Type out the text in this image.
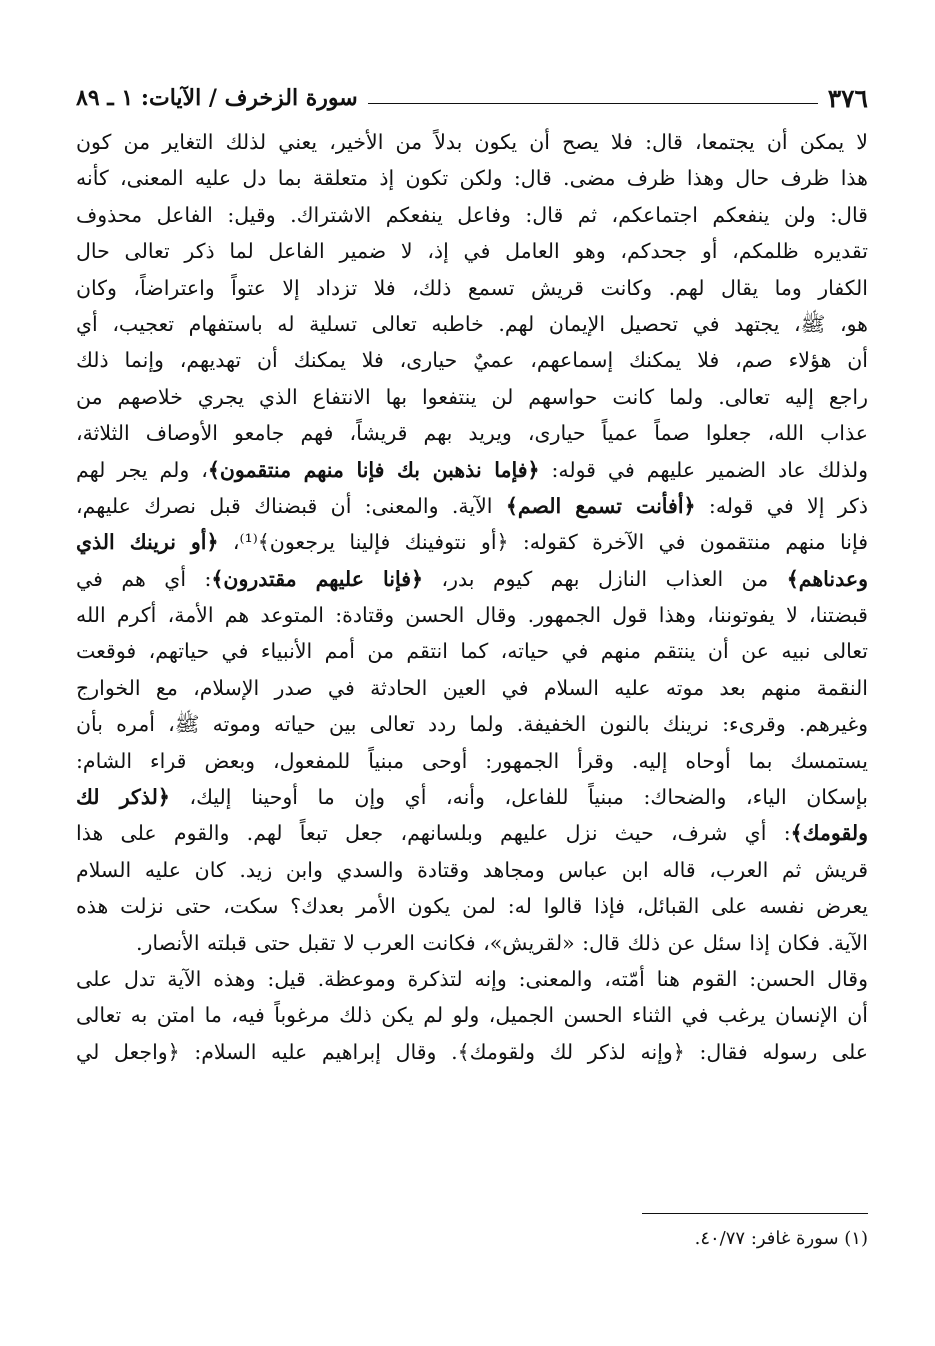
٣٧٦
سورة الزخرف / الآيات: ١ ـ ٨٩
لا يمكن أن يجتمعا، قال: فلا يصح أن يكون بدلاً من الأخير، يعني لذلك التغاير من كون
هذا ظرف حال وهذا ظرف مضى. قال: ولكن تكون إذ متعلقة بما دل عليه المعنى، كأنه
قال: ولن ينفعكم اجتماعكم، ثم قال: وفاعل ينفعكم الاشتراك. وقيل: الفاعل محذوف
تقديره ظلمكم، أو جحدكم، وهو العامل في إذ، لا ضمير الفاعل لما ذكر تعالى حال
الكفار وما يقال لهم. وكانت قريش تسمع ذلك، فلا تزداد إلا عتواً واعتراضاً، وكان
هو، ﷺ، يجتهد في تحصيل الإيمان لهم. خاطبه تعالى تسلية له باستفهام تعجيب، أي
أن هؤلاء صم، فلا يمكنك إسماعهم، عميٌ حيارى، فلا يمكنك أن تهديهم، وإنما ذلك
راجع إليه تعالى. ولما كانت حواسهم لن ينتفعوا بها الانتفاع الذي يجري خلاصهم من
عذاب الله، جعلوا صماً عمياً حيارى، ويريد بهم قريشاً، فهم جامعو الأوصاف الثلاثة،
ولذلك عاد الضمير عليهم في قوله: ﴿فإما نذهبن بك فإنا منهم منتقمون﴾، ولم يجر لهم
ذكر إلا في قوله: ﴿أفأنت تسمع الصم﴾ الآية. والمعنى: أن قبضناك قبل نصرك عليهم،
فإنا منهم منتقمون في الآخرة كقوله: ﴿أو نتوفينك فإلينا يرجعون﴾⁽¹⁾، ﴿أو نرينك الذي
وعدناهم﴾ من العذاب النازل بهم كيوم بدر، ﴿فإنا عليهم مقتدرون﴾: أي هم في
قبضتنا، لا يفوتوننا، وهذا قول الجمهور. وقال الحسن وقتادة: المتوعد هم الأمة، أكرم الله
تعالى نبيه عن أن ينتقم منهم في حياته، كما انتقم من أمم الأنبياء في حياتهم، فوقعت
النقمة منهم بعد موته عليه السلام في العين الحادثة في صدر الإسلام، مع الخوارج
وغيرهم. وقرىء: نرينك بالنون الخفيفة. ولما ردد تعالى بين حياته وموته ﷺ، أمره بأن
يستمسك بما أوحاه إليه. وقرأ الجمهور: أوحى مبنياً للمفعول، وبعض قراء الشام:
بإسكان الياء، والضحاك: مبنياً للفاعل، وأنه، أي وإن ما أوحينا إليك، ﴿لذكر لك
ولقومك﴾: أي شرف، حيث نزل عليهم وبلسانهم، جعل تبعاً لهم. والقوم على هذا
قريش ثم العرب، قاله ابن عباس ومجاهد وقتادة والسدي وابن زيد. كان عليه السلام
يعرض نفسه على القبائل، فإذا قالوا له: لمن يكون الأمر بعدك؟ سكت، حتى نزلت هذه
الآية. فكان إذا سئل عن ذلك قال: «لقريش»، فكانت العرب لا تقبل حتى قبلته الأنصار.
وقال الحسن: القوم هنا أمّته، والمعنى: وإنه لتذكرة وموعظة. قيل: وهذه الآية تدل على
أن الإنسان يرغب في الثناء الحسن الجميل، ولو لم يكن ذلك مرغوباً فيه، ما امتن به تعالى
على رسوله فقال: ﴿وإنه لذكر لك ولقومك﴾. وقال إبراهيم عليه السلام: ﴿واجعل لي
(١) سورة غافر: ٤٠/٧٧.
